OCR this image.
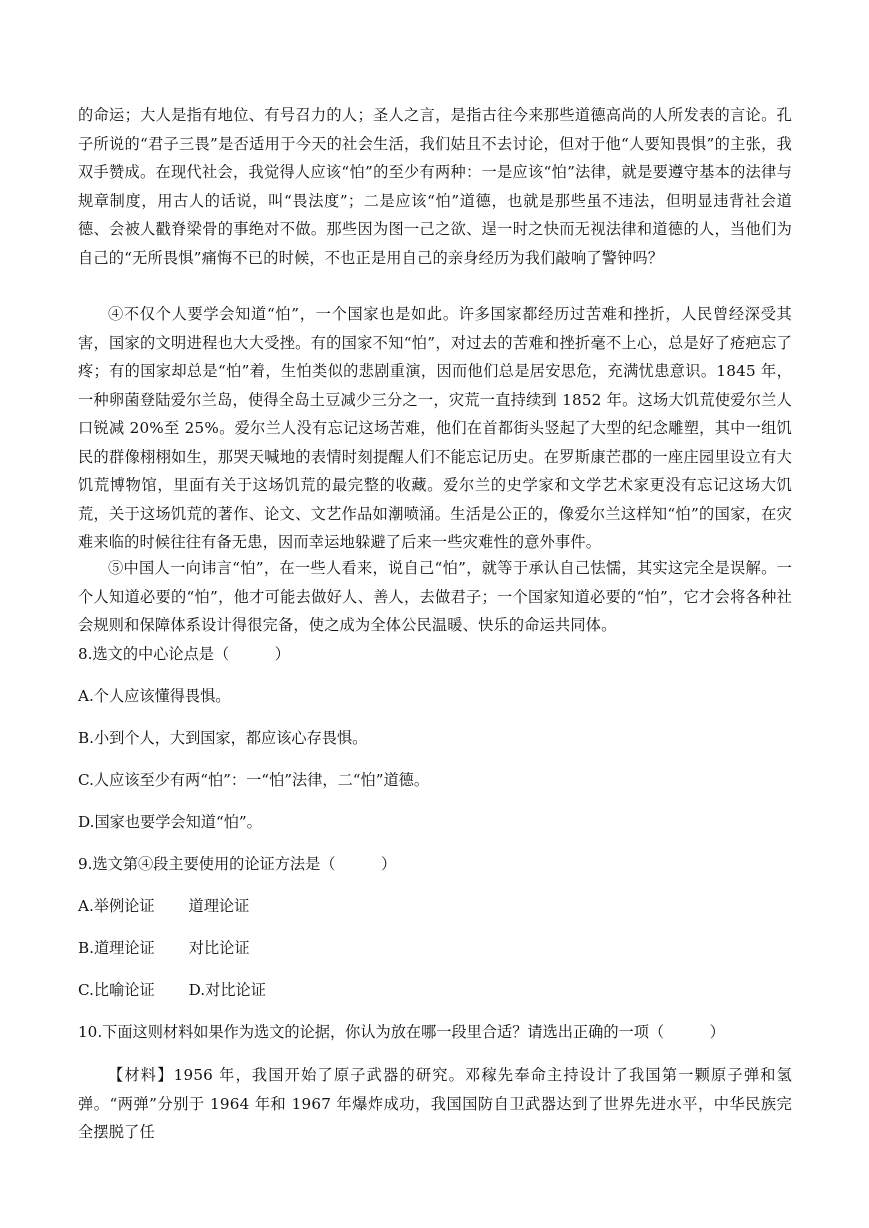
的命运；大人是指有地位、有号召力的人；圣人之言，是指古往今来那些道德高尚的人所发表的言论。孔子所说的“君子三畏”是否适用于今天的社会生活，我们姑且不去讨论，但对于他“人要知畏惧”的主张，我双手赞成。在现代社会，我觉得人应该“怕”的至少有两种：一是应该“怕”法律，就是要遵守基本的法律与规章制度，用古人的话说，叫“畏法度”；二是应该“怕”道德，也就是那些虽不违法，但明显违背社会道德、会被人戳脊梁骨的事绝对不做。那些因为图一己之欲、逞一时之快而无视法律和道德的人，当他们为自己的“无所畏惧”痛悔不已的时候，不也正是用自己的亲身经历为我们敲响了警钟吗？

④不仅个人要学会知道“怕”，一个国家也是如此。许多国家都经历过苦难和挫折，人民曾经深受其害，国家的文明进程也大大受挫。有的国家不知“怕”，对过去的苦难和挫折毫不上心，总是好了疮疤忘了疼；有的国家却总是“怕”着，生怕类似的悲剧重演，因而他们总是居安思危，充满忧患意识。1845 年，一种卵菌登陆爱尔兰岛，使得全岛土豆减少三分之一，灾荒一直持续到 1852 年。这场大饥荒使爱尔兰人口锐减 20%至 25%。爱尔兰人没有忘记这场苦难，他们在首都街头竖起了大型的纪念雕塑，其中一组饥民的群像栩栩如生，那哭天喊地的表情时刻提醒人们不能忘记历史。在罗斯康芒郡的一座庄园里设立有大饥荒博物馆，里面有关于这场饥荒的最完整的收藏。爱尔兰的史学家和文学艺术家更没有忘记这场大饥荒，关于这场饥荒的著作、论文、文艺作品如潮喷涌。生活是公正的，像爱尔兰这样知“怕”的国家，在灾难来临的时候往往有备无患，因而幸运地躲避了后来一些灾难性的意外事件。

⑤中国人一向讳言“怕”，在一些人看来，说自己“怕”，就等于承认自己怯懦，其实这完全是误解。一个人知道必要的“怕”，他才可能去做好人、善人，去做君子；一个国家知道必要的“怕”，它才会将各种社会规则和保障体系设计得很完备，使之成为全体公民温暖、快乐的命运共同体。

8.选文的中心论点是（　　　）

A.个人应该懂得畏惧。

B.小到个人，大到国家，都应该心存畏惧。

C.人应该至少有两“怕”：一“怕”法律，二“怕”道德。

D.国家也要学会知道“怕”。

9.选文第④段主要使用的论证方法是（　　　）

A.举例论证 道理论证

B.道理论证 对比论证

C.比喻论证 D.对比论证

10.下面这则材料如果作为选文的论据，你认为放在哪一段里合适？请选出正确的一项（　　　）

【材料】1956 年，我国开始了原子武器的研究。邓稼先奉命主持设计了我国第一颗原子弹和氢弹。“两弹”分别于 1964 年和 1967 年爆炸成功，我国国防自卫武器达到了世界先进水平，中华民族完全摆脱了任
